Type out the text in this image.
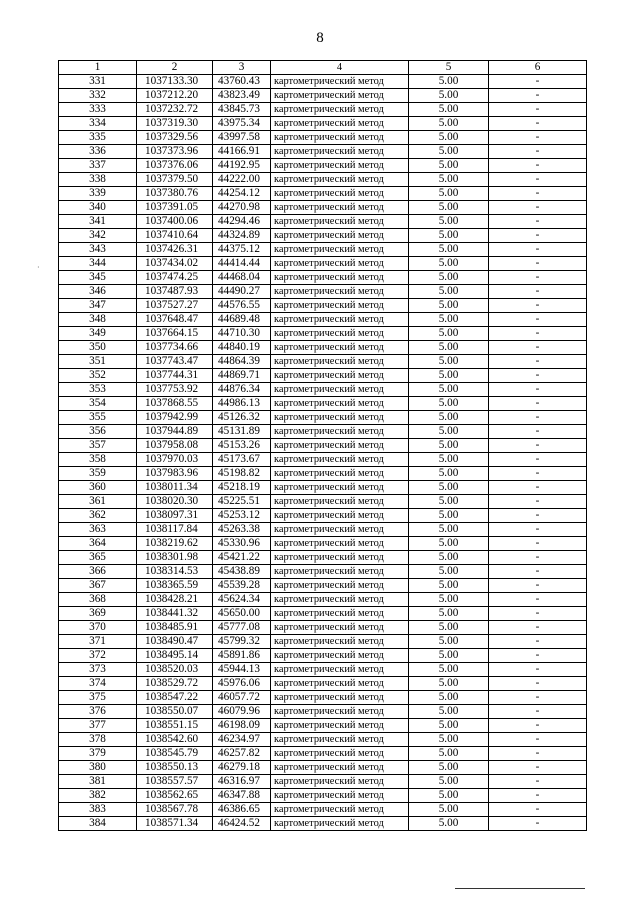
8
·
1	2	3	4	5	6
331	1037133.30	43760.43	картометрический метод	5.00	-
332	1037212.20	43823.49	картометрический метод	5.00	-
333	1037232.72	43845.73	картометрический метод	5.00	-
334	1037319.30	43975.34	картометрический метод	5.00	-
335	1037329.56	43997.58	картометрический метод	5.00	-
336	1037373.96	44166.91	картометрический метод	5.00	-
337	1037376.06	44192.95	картометрический метод	5.00	-
338	1037379.50	44222.00	картометрический метод	5.00	-
339	1037380.76	44254.12	картометрический метод	5.00	-
340	1037391.05	44270.98	картометрический метод	5.00	-
341	1037400.06	44294.46	картометрический метод	5.00	-
342	1037410.64	44324.89	картометрический метод	5.00	-
343	1037426.31	44375.12	картометрический метод	5.00	-
344	1037434.02	44414.44	картометрический метод	5.00	-
345	1037474.25	44468.04	картометрический метод	5.00	-
346	1037487.93	44490.27	картометрический метод	5.00	-
347	1037527.27	44576.55	картометрический метод	5.00	-
348	1037648.47	44689.48	картометрический метод	5.00	-
349	1037664.15	44710.30	картометрический метод	5.00	-
350	1037734.66	44840.19	картометрический метод	5.00	-
351	1037743.47	44864.39	картометрический метод	5.00	-
352	1037744.31	44869.71	картометрический метод	5.00	-
353	1037753.92	44876.34	картометрический метод	5.00	-
354	1037868.55	44986.13	картометрический метод	5.00	-
355	1037942.99	45126.32	картометрический метод	5.00	-
356	1037944.89	45131.89	картометрический метод	5.00	-
357	1037958.08	45153.26	картометрический метод	5.00	-
358	1037970.03	45173.67	картометрический метод	5.00	-
359	1037983.96	45198.82	картометрический метод	5.00	-
360	1038011.34	45218.19	картометрический метод	5.00	-
361	1038020.30	45225.51	картометрический метод	5.00	-
362	1038097.31	45253.12	картометрический метод	5.00	-
363	1038117.84	45263.38	картометрический метод	5.00	-
364	1038219.62	45330.96	картометрический метод	5.00	-
365	1038301.98	45421.22	картометрический метод	5.00	-
366	1038314.53	45438.89	картометрический метод	5.00	-
367	1038365.59	45539.28	картометрический метод	5.00	-
368	1038428.21	45624.34	картометрический метод	5.00	-
369	1038441.32	45650.00	картометрический метод	5.00	-
370	1038485.91	45777.08	картометрический метод	5.00	-
371	1038490.47	45799.32	картометрический метод	5.00	-
372	1038495.14	45891.86	картометрический метод	5.00	-
373	1038520.03	45944.13	картометрический метод	5.00	-
374	1038529.72	45976.06	картометрический метод	5.00	-
375	1038547.22	46057.72	картометрический метод	5.00	-
376	1038550.07	46079.96	картометрический метод	5.00	-
377	1038551.15	46198.09	картометрический метод	5.00	-
378	1038542.60	46234.97	картометрический метод	5.00	-
379	1038545.79	46257.82	картометрический метод	5.00	-
380	1038550.13	46279.18	картометрический метод	5.00	-
381	1038557.57	46316.97	картометрический метод	5.00	-
382	1038562.65	46347.88	картометрический метод	5.00	-
383	1038567.78	46386.65	картометрический метод	5.00	-
384	1038571.34	46424.52	картометрический метод	5.00	-
